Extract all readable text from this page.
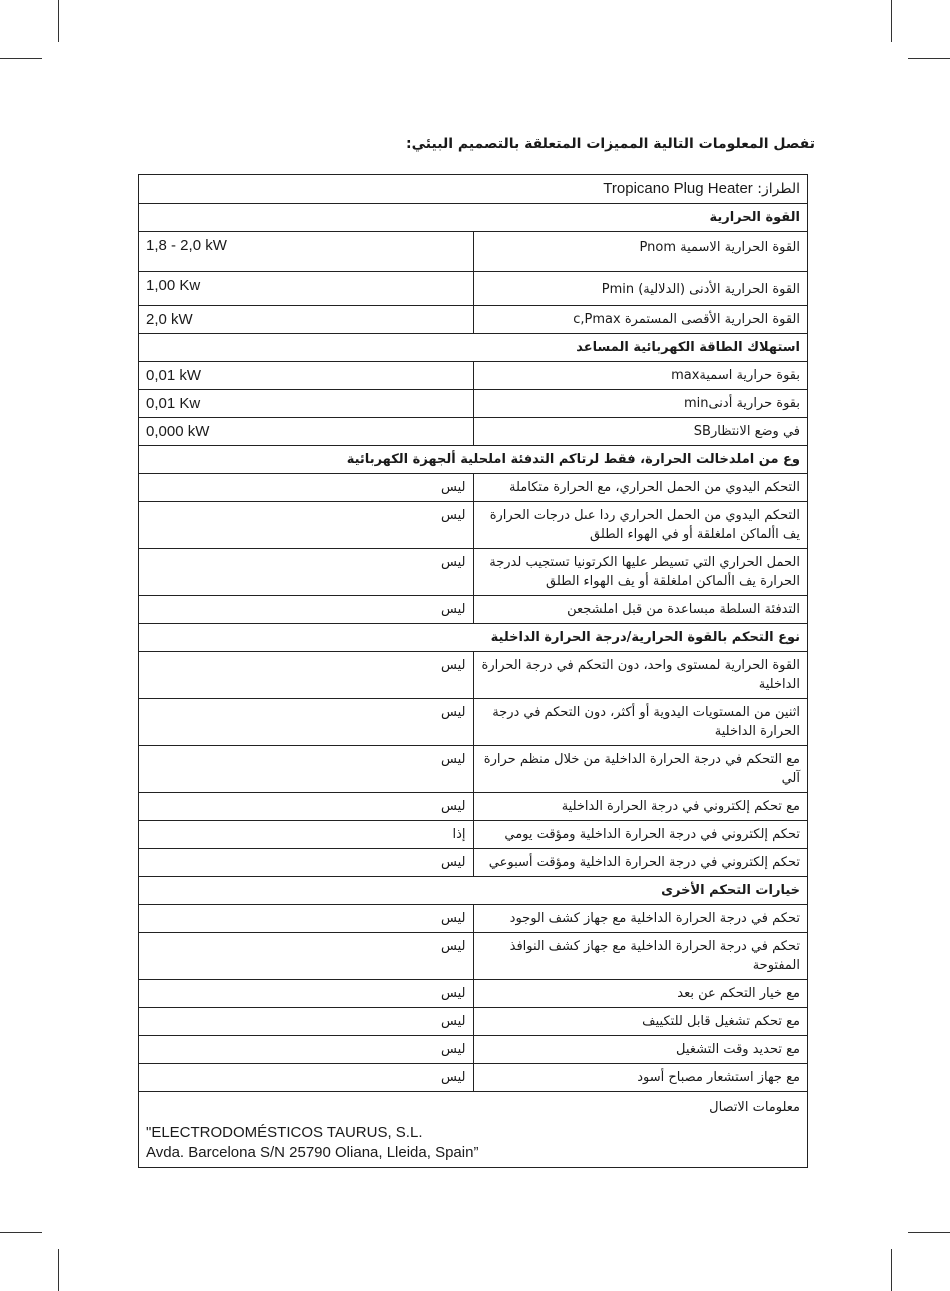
تفصل المعلومات التالية المميزات المتعلقة بالتصميم البيئي:
الطراز: Tropicano Plug Heater	
القوة الحرارية	
1,8 - 2,0 kW	القوة الحرارية الاسمية Pnom
1,00 Kw	القوة الحرارية الأدنى (الدلالية) Pmin
2,0 kW	القوة الحرارية الأقصى المستمرة c,Pmax
استهلاك الطاقة الكهربائية المساعد	
0,01 kW	بقوة حرارية اسميةmax
0,01 Kw	بقوة حرارية أدنىmin
0,000 kW	في وضع الانتظارSB
وع من املدخالت الحرارة، فقط لرتاكم التدفئة املحلية ألجهزة الكهربائية	
ليس	التحكم اليدوي من الحمل الحراري، مع الحرارة متكاملة
ليس	التحكم اليدوي من الحمل الحراري ردا عىل درجات الحرارة يف األماكن املغلقة أو في الهواء الطلق
ليس	الحمل الحراري التي تسيطر عليها الكرتونيا تستجيب لدرجة الحرارة يف األماكن املغلقة أو يف الهواء الطلق
ليس	التدفئة السلطة مبساعدة من قبل املشجعن
نوع التحكم بالقوة الحرارية/درجة الحرارة الداخلية	
ليس	القوة الحرارية لمستوى واحد، دون التحكم في درجة الحرارة الداخلية
ليس	اثنين من المستويات اليدوية أو أكثر، دون التحكم في درجة الحرارة الداخلية
ليس	مع التحكم في درجة الحرارة الداخلية من خلال منظم حرارة آلي
ليس	مع تحكم إلكتروني في درجة الحرارة الداخلية
إذا	تحكم إلكتروني في درجة الحرارة الداخلية ومؤقت يومي
ليس	تحكم إلكتروني في درجة الحرارة الداخلية ومؤقت أسبوعي
خيارات التحكم الأخرى	
ليس	تحكم في درجة الحرارة الداخلية مع جهاز كشف الوجود
ليس	تحكم في درجة الحرارة الداخلية مع جهاز كشف النوافذ المفتوحة
ليس	مع خيار التحكم عن بعد
ليس	مع تحكم تشغيل قابل للتكييف
ليس	مع تحديد وقت التشغيل
ليس	مع جهاز استشعار مصباح أسود

معلومات الاتصال
"ELECTRODOMÉSTICOS TAURUS, S.L.
Avda. Barcelona S/N 25790 Oliana, Lleida, Spain”	
